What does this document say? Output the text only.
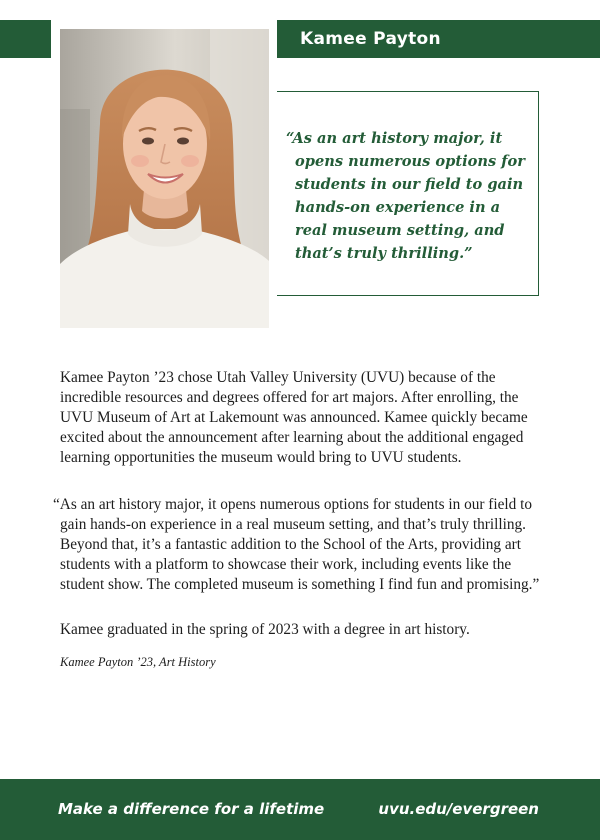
Kamee Payton
“As an art history major, it opens numerous options for students in our field to gain hands-on experience in a real museum setting, and that’s truly thrilling.”

Kamee Payton ’23 chose Utah Valley University (UVU) because of the incredible resources and degrees offered for art majors. After enrolling, the UVU Museum of Art at Lakemount was announced. Kamee quickly became excited about the announcement after learning about the additional engaged learning opportunities the museum would bring to UVU students.

“As an art history major, it opens numerous options for students in our field to gain hands-on experience in a real museum setting, and that’s truly thrilling. Beyond that, it’s a fantastic addition to the School of the Arts, providing art students with a platform to showcase their work, including events like the student show. The completed museum is something I find fun and promising.”

Kamee graduated in the spring of 2023 with a degree in art history.

Kamee Payton ’23, Art History

Make a difference for a lifetime	uvu.edu/evergreen
